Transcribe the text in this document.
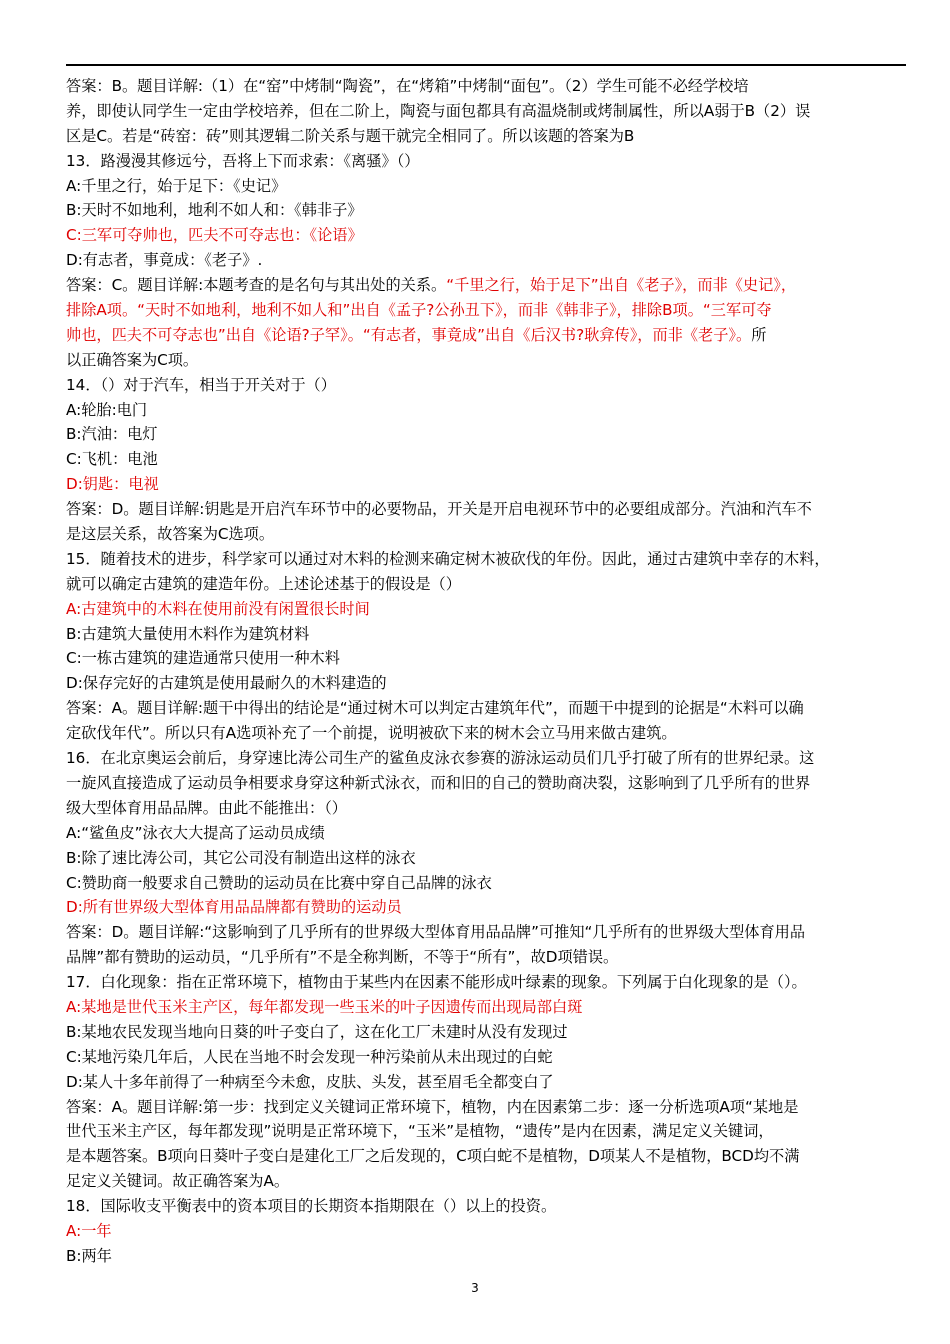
答案：B。题目详解:（1）在“窑”中烤制“陶瓷”，在“烤箱”中烤制“面包”。（2）学生可能不必经学校培
养，即使认同学生一定由学校培养，但在二阶上，陶瓷与面包都具有高温烧制或烤制属性，所以A弱于B（2）误
区是C。若是“砖窑：砖”则其逻辑二阶关系与题干就完全相同了。所以该题的答案为B
13．路漫漫其修远兮，吾将上下而求索：《离骚》（）
A:千里之行，始于足下：《史记》
B:天时不如地利，地利不如人和：《韩非子》
C:三军可夺帅也，匹夫不可夺志也：《论语》
D:有志者，事竟成：《老子》.
答案：C。题目详解:本题考查的是名句与其出处的关系。“千里之行，始于足下”出自《老子》，而非《史记》，
排除A项。“天时不如地利，地利不如人和”出自《孟子?公孙丑下》，而非《韩非子》，排除B项。“三军可夺
帅也，匹夫不可夺志也”出自《论语?子罕》。“有志者，事竟成”出自《后汉书?耿弇传》，而非《老子》。所
以正确答案为C项。
14．（）对于汽车，相当于开关对于（）
A:轮胎:电门
B:汽油：电灯
C:飞机：电池
D:钥匙：电视
答案：D。题目详解:钥匙是开启汽车环节中的必要物品，开关是开启电视环节中的必要组成部分。汽油和汽车不
是这层关系，故答案为C选项。
15．随着技术的进步，科学家可以通过对木料的检测来确定树木被砍伐的年份。因此，通过古建筑中幸存的木料，
就可以确定古建筑的建造年份。上述论述基于的假设是（）
A:古建筑中的木料在使用前没有闲置很长时间
B:古建筑大量使用木料作为建筑材料
C:一栋古建筑的建造通常只使用一种木料
D:保存完好的古建筑是使用最耐久的木料建造的
答案：A。题目详解:题干中得出的结论是“通过树木可以判定古建筑年代”，而题干中提到的论据是“木料可以确
定砍伐年代”。所以只有A选项补充了一个前提，说明被砍下来的树木会立马用来做古建筑。
16．在北京奥运会前后，身穿速比涛公司生产的鲨鱼皮泳衣参赛的游泳运动员们几乎打破了所有的世界纪录。这
一旋风直接造成了运动员争相要求身穿这种新式泳衣，而和旧的自己的赞助商决裂，这影响到了几乎所有的世界
级大型体育用品品牌。由此不能推出：（）
A:“鲨鱼皮”泳衣大大提高了运动员成绩
B:除了速比涛公司，其它公司没有制造出这样的泳衣
C:赞助商一般要求自己赞助的运动员在比赛中穿自己品牌的泳衣
D:所有世界级大型体育用品品牌都有赞助的运动员
答案：D。题目详解:“这影响到了几乎所有的世界级大型体育用品品牌”可推知“几乎所有的世界级大型体育用品
品牌”都有赞助的运动员，“几乎所有”不是全称判断，不等于“所有”，故D项错误。
17．白化现象：指在正常环境下，植物由于某些内在因素不能形成叶绿素的现象。下列属于白化现象的是（）。
A:某地是世代玉米主产区，每年都发现一些玉米的叶子因遗传而出现局部白斑
B:某地农民发现当地向日葵的叶子变白了，这在化工厂未建时从没有发现过
C:某地污染几年后，人民在当地不时会发现一种污染前从未出现过的白蛇
D:某人十多年前得了一种病至今未愈，皮肤、头发，甚至眉毛全都变白了
答案：A。题目详解:第一步：找到定义关键词正常环境下，植物，内在因素第二步：逐一分析选项A项“某地是
世代玉米主产区，每年都发现”说明是正常环境下，“玉米”是植物，“遗传”是内在因素，满足定义关键词，
是本题答案。B项向日葵叶子变白是建化工厂之后发现的，C项白蛇不是植物，D项某人不是植物，BCD均不满
足定义关键词。故正确答案为A。
18．国际收支平衡表中的资本项目的长期资本指期限在（）以上的投资。
A:一年
B:两年
3
